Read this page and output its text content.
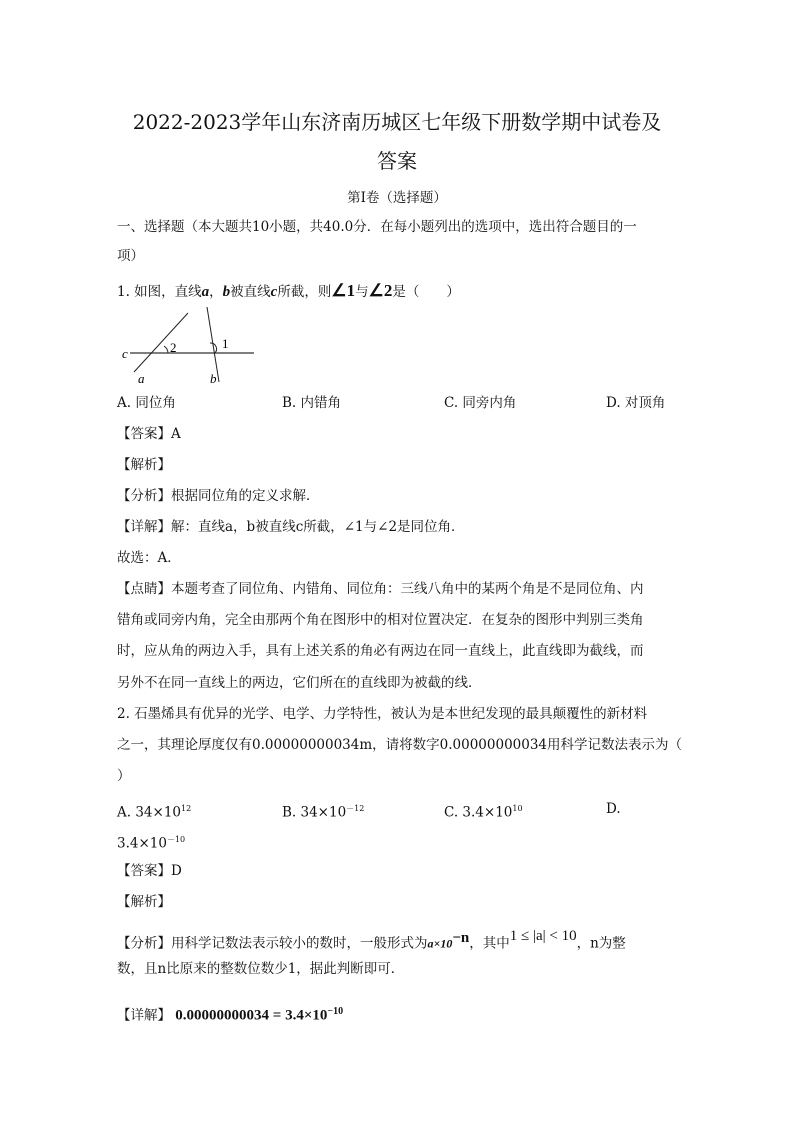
2022-2023学年山东济南历城区七年级下册数学期中试卷及
答案
第I卷（选择题）
一、选择题（本大题共10小题，共40.0分．在每小题列出的选项中，选出符合题目的一
项）
1. 如图，直线a，b被直线c所截，则∠1与∠2是（　　）
c
a	b
1
2
A. 同位角	B. 内错角	C. 同旁内角	D. 对顶角
【答案】A
【解析】
【分析】根据同位角的定义求解．
【详解】解：直线a，b被直线c所截，∠1与∠2是同位角．
故选：A．
【点睛】本题考查了同位角、内错角、同位角：三线八角中的某两个角是不是同位角、内
错角或同旁内角，完全由那两个角在图形中的相对位置决定．在复杂的图形中判别三类角
时，应从角的两边入手，具有上述关系的角必有两边在同一直线上，此直线即为截线，而
另外不在同一直线上的两边，它们所在的直线即为被截的线．
2. 石墨烯具有优异的光学、电学、力学特性，被认为是本世纪发现的最具颠覆性的新材料
之一，其理论厚度仅有0.00000000034m，请将数字0.00000000034用科学记数法表示为（
）
A. $34\times 10^{12}$	B. $34\times 10^{-12}$	C. $3.4\times 10^{10}$	D.
$3.4\times 10^{-10}$
【答案】D
【解析】
【分析】用科学记数法表示较小的数时，一般形式为$a\times 10^{-n}$，其中1 ≤ |a| < 10，n为整
数，且n比原来的整数位数少1，据此判断即可．
【详解】 $0.00000000034 = 3.4\times 10^{-10}$
